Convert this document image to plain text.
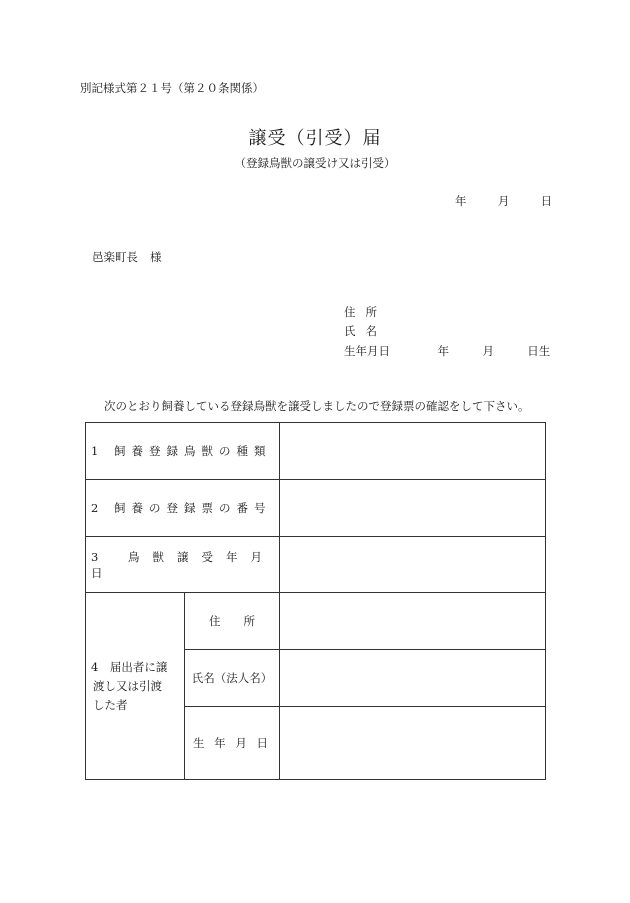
別記様式第２１号（第２０条関係）
譲受（引受）届
（登録鳥獣の譲受け又は引受）
年	月	日
邑楽町長 様
住所
氏名
生年月日	年	月	日生
次のとおり飼養している登録鳥獣を譲受しましたので登録票の確認をして下さい。
1 飼養登録鳥獣の種類
2 飼養の登録票の番号
3 鳥獣譲受年月日
4　届出者に譲
渡し又は引渡
した者
住　　所
氏名（法人名）
生 年 月 日
